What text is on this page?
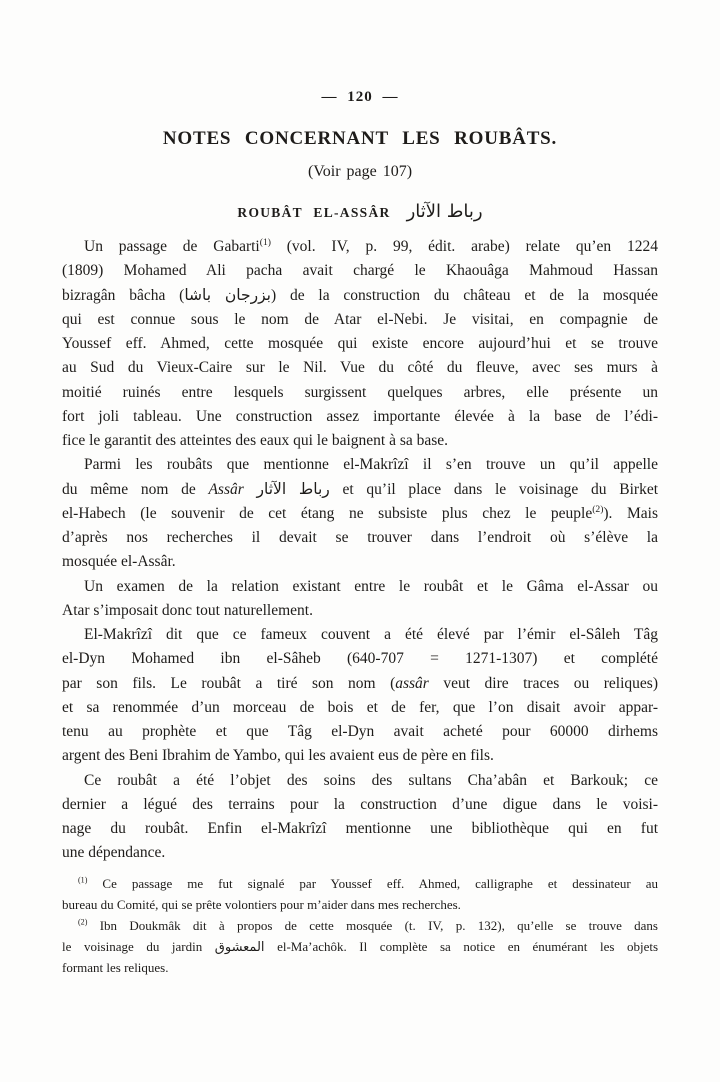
— 120 —
NOTES CONCERNANT LES ROUBÂTS.
(Voir page 107)
ROUBÂT EL-ASSÂR رباط الآثار
Un passage de Gabarti$^{(1)}$ (vol. IV, p. 99, édit. arabe) relate qu’en 1224
(1809) Mohamed Ali pacha avait chargé le Khaouâga Mahmoud Hassan
bizragân bâcha (بزرجان باشا) de la construction du château et de la mosquée
qui est connue sous le nom de Atar el-Nebi. Je visitai, en compagnie de
Youssef eff. Ahmed, cette mosquée qui existe encore aujourd’hui et se trouve
au Sud du Vieux-Caire sur le Nil. Vue du côté du fleuve, avec ses murs à
moitié ruinés entre lesquels surgissent quelques arbres, elle présente un
fort joli tableau. Une construction assez importante élevée à la base de l’édi-
fice le garantit des atteintes des eaux qui le baignent à sa base.
Parmi les roubâts que mentionne el-Makrîzî il s’en trouve un qu’il appelle
du même nom de Assâr رباط الآثار et qu’il place dans le voisinage du Birket
el-Habech (le souvenir de cet étang ne subsiste plus chez le peuple$^{(2)}$). Mais
d’après nos recherches il devait se trouver dans l’endroit où s’élève la
mosquée el-Assâr.
Un examen de la relation existant entre le roubât et le Gâma el-Assar ou
Atar s’imposait donc tout naturellement.
El-Makrîzî dit que ce fameux couvent a été élevé par l’émir el-Sâleh Tâg
el-Dyn Mohamed ibn el-Sâheb (640-707 = 1271-1307) et complété
par son fils. Le roubât a tiré son nom (assâr veut dire traces ou reliques)
et sa renommée d’un morceau de bois et de fer, que l’on disait avoir appar-
tenu au prophète et que Tâg el-Dyn avait acheté pour 60000 dirhems
argent des Beni Ibrahim de Yambo, qui les avaient eus de père en fils.
Ce roubât a été l’objet des soins des sultans Cha’abân et Barkouk; ce
dernier a légué des terrains pour la construction d’une digue dans le voisi-
nage du roubât. Enfin el-Makrîzî mentionne une bibliothèque qui en fut
une dépendance.
$^{(1)}$ Ce passage me fut signalé par Youssef eff. Ahmed, calligraphe et dessinateur au
bureau du Comité, qui se prête volontiers pour m’aider dans mes recherches.
$^{(2)}$ Ibn Doukmâk dit à propos de cette mosquée (t. IV, p. 132), qu’elle se trouve dans
le voisinage du jardin المعشوق el-Ma’achôk. Il complète sa notice en énumérant les objets
formant les reliques.
